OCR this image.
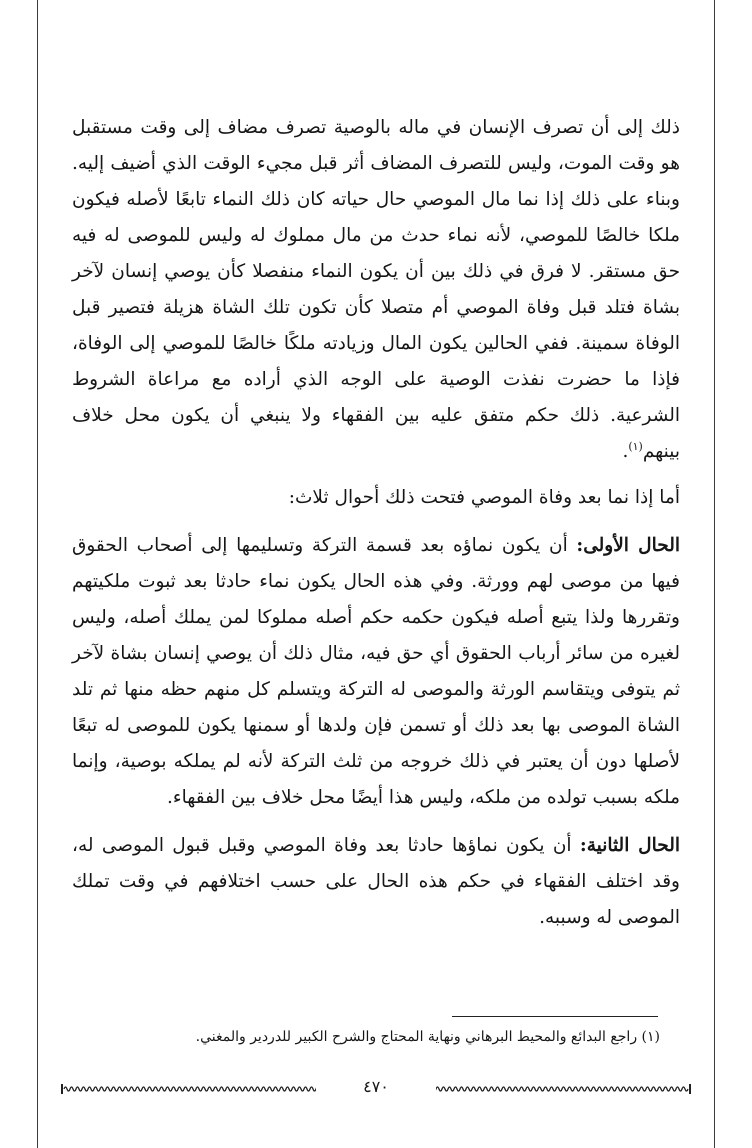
ذلك إلى أن تصرف الإنسان في ماله بالوصية تصرف مضاف إلى وقت مستقبل هو وقت الموت، وليس للتصرف المضاف أثر قبل مجيء الوقت الذي أضيف إليه. وبناء على ذلك إذا نما مال الموصي حال حياته كان ذلك النماء تابعًا لأصله فيكون ملكا خالصًا للموصي، لأنه نماء حدث من مال مملوك له وليس للموصى له فيه حق مستقر. لا فرق في ذلك بين أن يكون النماء منفصلا كأن يوصي إنسان لآخر بشاة فتلد قبل وفاة الموصي أم متصلا كأن تكون تلك الشاة هزيلة فتصير قبل الوفاة سمينة. ففي الحالين يكون المال وزيادته ملكًا خالصًا للموصي إلى الوفاة، فإذا ما حضرت نفذت الوصية على الوجه الذي أراده مع مراعاة الشروط الشرعية. ذلك حكم متفق عليه بين الفقهاء ولا ينبغي أن يكون محل خلاف بينهم$^{(١)}$.

أما إذا نما بعد وفاة الموصي فتحت ذلك أحوال ثلاث:

الحال الأولى: أن يكون نماؤه بعد قسمة التركة وتسليمها إلى أصحاب الحقوق فيها من موصى لهم وورثة. وفي هذه الحال يكون نماء حادثا بعد ثبوت ملكيتهم وتقررها ولذا يتبع أصله فيكون حكمه حكم أصله مملوكا لمن يملك أصله، وليس لغيره من سائر أرباب الحقوق أي حق فيه، مثال ذلك أن يوصي إنسان بشاة لآخر ثم يتوفى ويتقاسم الورثة والموصى له التركة ويتسلم كل منهم حظه منها ثم تلد الشاة الموصى بها بعد ذلك أو تسمن فإن ولدها أو سمنها يكون للموصى له تبعًا لأصلها دون أن يعتبر في ذلك خروجه من ثلث التركة لأنه لم يملكه بوصية، وإنما ملكه بسبب تولده من ملكه، وليس هذا أيضًا محل خلاف بين الفقهاء.

الحال الثانية: أن يكون نماؤها حادثا بعد وفاة الموصي وقبل قبول الموصى له، وقد اختلف الفقهاء في حكم هذه الحال على حسب اختلافهم في وقت تملك الموصى له وسببه.

(١) راجع البدائع والمحيط البرهاني ونهاية المحتاج والشرح الكبير للدردير والمغني.
٤٧٠
